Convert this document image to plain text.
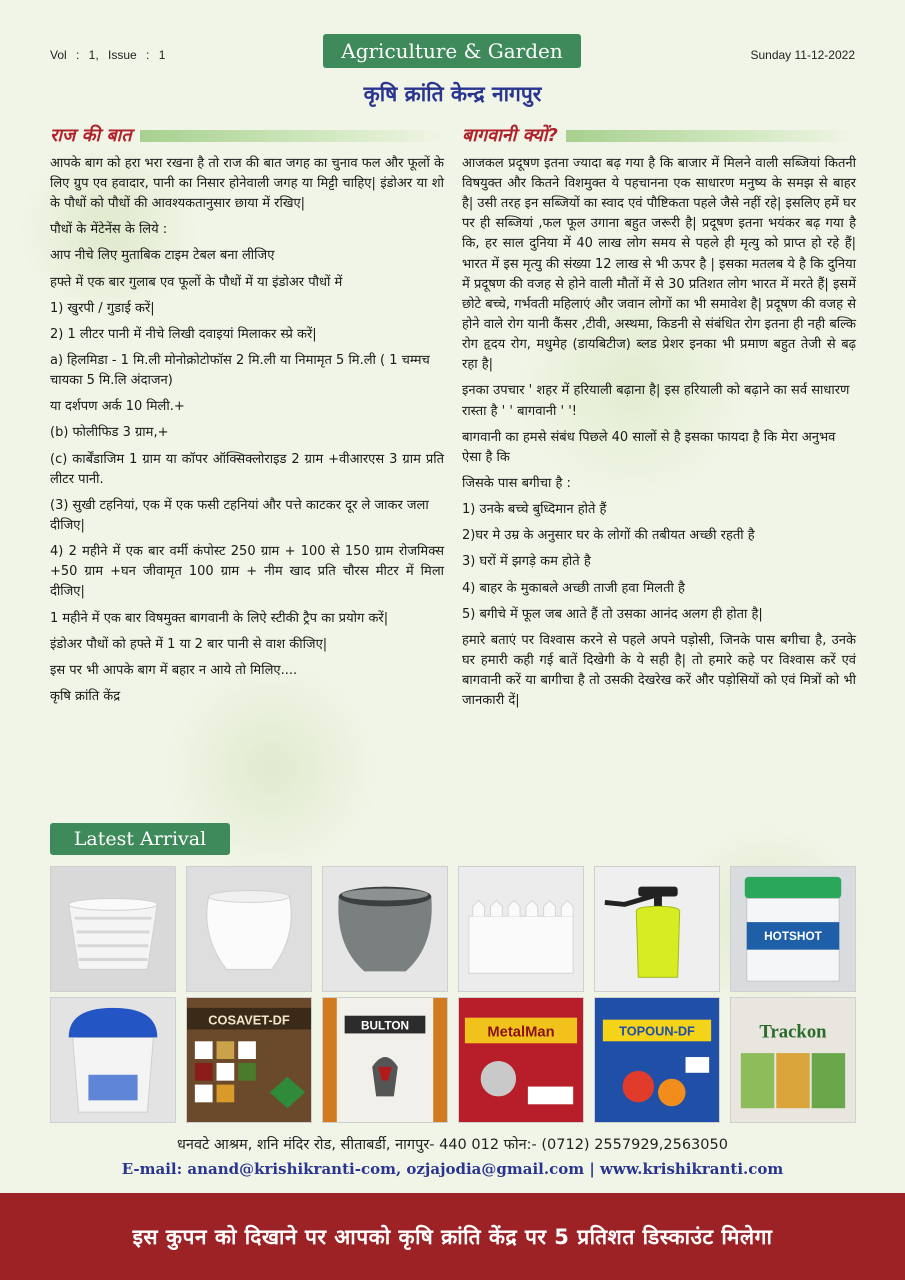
Vol : 1, Issue : 1	Agriculture & Garden	Sunday 11-12-2022
कृषि क्रांति केन्द्र नागपुर
राज की बात

आपके बाग को हरा भरा रखना है तो राज की बात जगह का चुनाव फल और फूलों के लिए ग्रुप एव हवादार, पानी का निसार होनेवाली जगह या मिट्टी चाहिए| इंडोअर या शो के पौधों को पौधों की आवश्यकतानुसार छाया में रखिए|

पौधों के मेंटेनेंस के लिये :

आप नीचे लिए मुताबिक टाइम टेबल बना लीजिए

हफ्ते में एक बार गुलाब एव फूलों के पौधों में या इंडोअर पौधों में

1) खुरपी / गुडाई करें|

2) 1 लीटर पानी में नीचे लिखी दवाइयां मिलाकर स्प्रे करें|

a) हिलमिडा - 1 मि.ली मोनोक्रोटोफॉस 2 मि.ली या निमामृत 5 मि.ली ( 1 चम्मच चायका 5 मि.लि अंदाजन)

या दर्शपण अर्क 10 मिली.+

(b) फोलीफिड 3 ग्राम,+

(c) कार्बेंडाजिम 1 ग्राम या कॉपर ऑक्सिक्लोराइड 2 ग्राम +वीआरएस 3 ग्राम प्रति लीटर पानी.

(3) सुखी टहनियां, एक में एक फसी टहनियां और पत्ते काटकर दूर ले जाकर जला दीजिए|

4) 2 महीने में एक बार वर्मी कंपोस्ट 250 ग्राम + 100 से 150 ग्राम रोजमिक्स +50 ग्राम +घन जीवामृत 100 ग्राम + नीम खाद प्रति चौरस मीटर में मिला दीजिए|

1 महीने में एक बार विषमुक्त बागवानी के लिऐ स्टीकी ट्रैप का प्रयोग करें|

इंडोअर पौधों को हफ्ते में 1 या 2 बार पानी से वाश कीजिए|

इस पर भी आपके बाग में बहार न आये तो मिलिए....

कृषि क्रांति केंद्र

बागवानी क्यों?

आजकल प्रदूषण इतना ज्यादा बढ़ गया है कि बाजार में मिलने वाली सब्जियां कितनी विषयुक्त और कितने विशमुक्त ये पहचानना एक साधारण मनुष्य के समझ से बाहर है| उसी तरह इन सब्जियों का स्वाद एवं पौष्टिकता पहले जैसे नहीं रहे| इसलिए हमें घर पर ही सब्जियां ,फल फूल उगाना बहुत जरूरी है| प्रदूषण इतना भयंकर बढ़ गया है कि, हर साल दुनिया में 40 लाख लोग समय से पहले ही मृत्यु को प्राप्त हो रहे हैं| भारत में इस मृत्यु की संख्या 12 लाख से भी ऊपर है | इसका मतलब ये है कि दुनिया में प्रदूषण की वजह से होने वाली मौतों में से 30 प्रतिशत लोग भारत में मरते हैं| इसमें छोटे बच्चे, गर्भवती महिलाएं और जवान लोगों का भी समावेश है| प्रदूषण की वजह से होने वाले रोग यानी कैंसर ,टीवी, अस्थमा, किडनी से संबंधित रोग इतना ही नही बल्कि रोग हृदय रोग, मधुमेह (डायबिटीज) ब्लड प्रेशर इनका भी प्रमाण बहुत तेजी से बढ़ रहा है|

इनका उपचार ' शहर में हरियाली बढ़ाना है| इस हरियाली को बढ़ाने का सर्व साधारण रास्ता है ' ' बागवानी ' '!

बागवानी का हमसे संबंध पिछले 40 सालों से है इसका फायदा है कि मेरा अनुभव ऐसा है कि

जिसके पास बगीचा है :

1) उनके बच्चे बुध्दिमान होते हैं

2)घर मे उम्र के अनुसार घर के लोगों की तबीयत अच्छी रहती है

3) घरों में झगड़े कम होते है

4) बाहर के मुकाबले अच्छी ताजी हवा मिलती है

5) बगीचे में फूल जब आते हैं तो उसका आनंद अलग ही होता है|

हमारे बताएं पर विश्वास करने से पहले अपने पड़ोसी, जिनके पास बगीचा है, उनके घर हमारी कही गई बातें दिखेगी के ये सही है| तो हमारे कहे पर विश्वास करें एवं बागवानी करें या बागीचा है तो उसकी देखरेख करें और पड़ोसियों को एवं मित्रों को भी जानकारी दें|

Latest Arrival
HOTSHOT
COSAVET-DF	BULTON	MetalMan	TOPOUN-DF	Trackon
धनवटे आश्रम, शनि मंदिर रोड, सीताबर्डी, नागपुर- 440 012 फोन:- (0712) 2557929,2563050
E-mail: anand@krishikranti-com, ozjajodia@gmail.com | www.krishikranti.com
इस कुपन को दिखाने पर आपको कृषि क्रांति केंद्र पर 5 प्रतिशत डिस्काउंट मिलेगा
